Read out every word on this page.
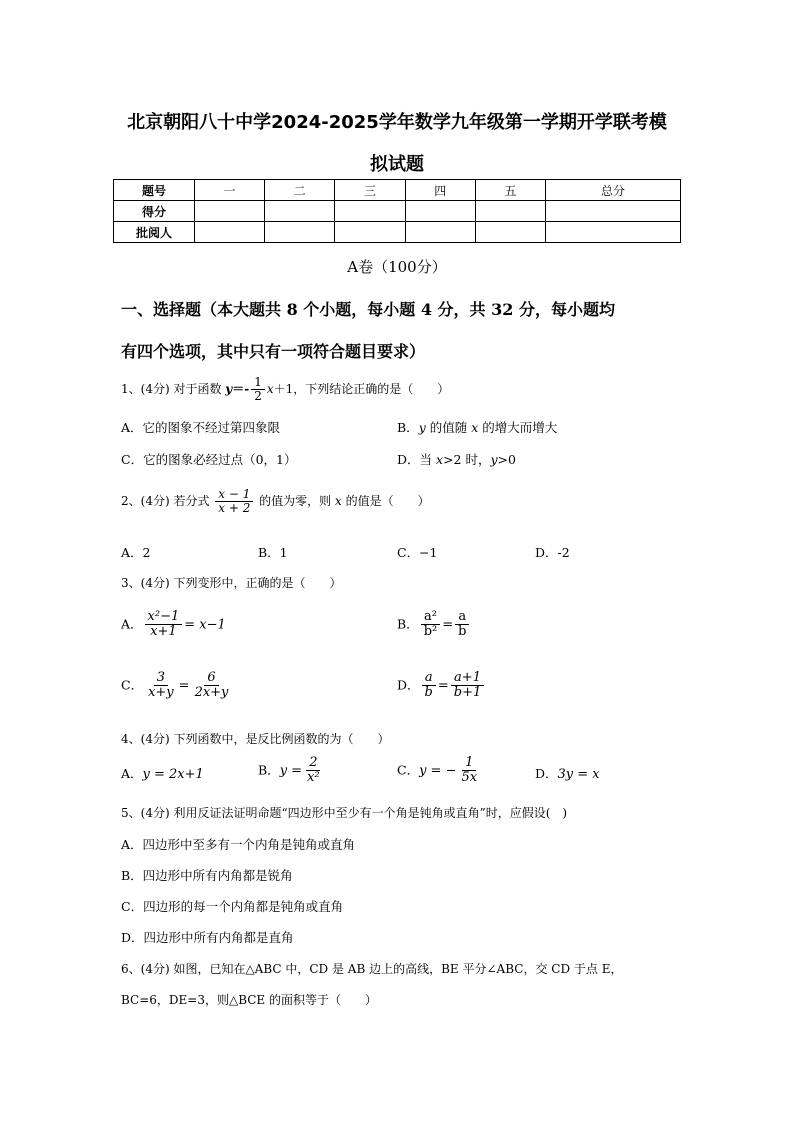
北京朝阳八十中学2024-2025学年数学九年级第一学期开学联考模
拟试题
题号	一	二	三	四	五	总分
得分						
批阅人						
A卷（100分）
一、选择题（本大题共 8 个小题，每小题 4 分，共 32 分，每小题均
有四个选项，其中只有一项符合题目要求）
1、(4分) 对于函数 $y=- \frac{1}{2} x+1$，下列结论正确的是（　　）
A．它的图象不经过第四象限	B．y 的值随 x 的增大而增大
C．它的图象必经过点（0，1）	D．当 x>2 时，y>0
2、(4分) 若分式 $\frac{x - 1}{x + 2}$ 的值为零，则 x 的值是（　　）
A．2	B．1	C．−1	D．-2
3、(4分) 下列变形中，正确的是（　　）
A． $\frac{\text{x²−1}}{x+1} = x-1$	B． $\frac{\text{a²}}{\text{b²}} = \frac{a}{b}$
C． $\frac{3}{x+y} = \frac{6}{2x+y}$	D． $\frac{a}{b} = \frac{a+1}{b+1}$
4、(4分) 下列函数中，是反比例函数的为（　　）
A．y = 2x+1	B．$y = \frac{2}{\text{x²}}$	C．y = − $\frac{1}{5x}$	D．3y = x
5、(4分) 利用反证法证明命题“四边形中至少有一个角是钝角或直角”时，应假设(　)
A．四边形中至多有一个内角是钝角或直角
B．四边形中所有内角都是锐角
C．四边形的每一个内角都是钝角或直角
D．四边形中所有内角都是直角
6、(4分) 如图，已知在△ABC 中，CD 是 AB 边上的高线，BE 平分∠ABC，交 CD 于点 E，
BC=6，DE=3，则△BCE 的面积等于（　　）
